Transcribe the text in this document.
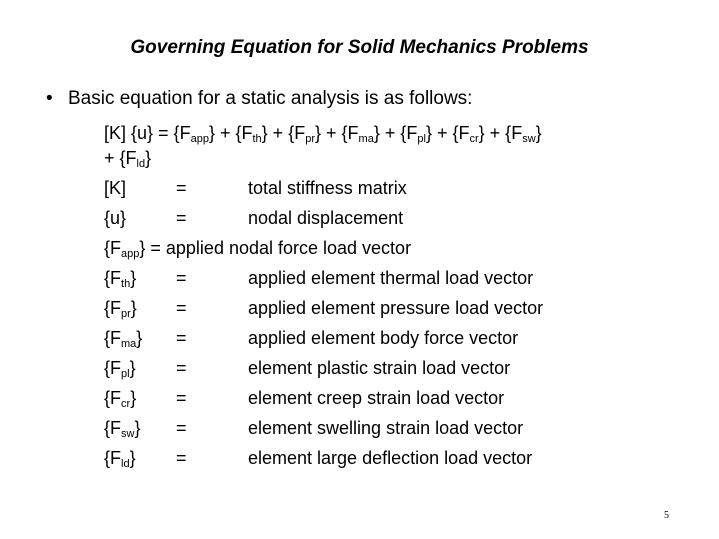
Governing Equation for Solid Mechanics Problems
• Basic equation for a static analysis is as follows:
[K] $\{u\} = \{F_{app}\} + \{F_{th}\} + \{F_{pr}\} + \{F_{ma}\} + \{F_{pl}\} + \{F_{cr}\} + \{F_{sw}\}$
+ $\{F_{ld}\}$
[K]	=	total stiffness matrix
{u}	=	nodal displacement
$\{F_{app}\}$ = applied nodal force load vector
$\{F_{th}\}$ =	applied element thermal load vector
$\{F_{pr}\}$ =	applied element pressure load vector
$\{F_{ma}\}$ =	applied element body force vector
$\{F_{pl}\}$ =	element plastic strain load vector
$\{F_{cr}\}$ =	element creep strain load vector
$\{F_{sw}\}$ =	element swelling strain load vector
$\{F_{ld}\}$ =	element large deflection load vector
5
